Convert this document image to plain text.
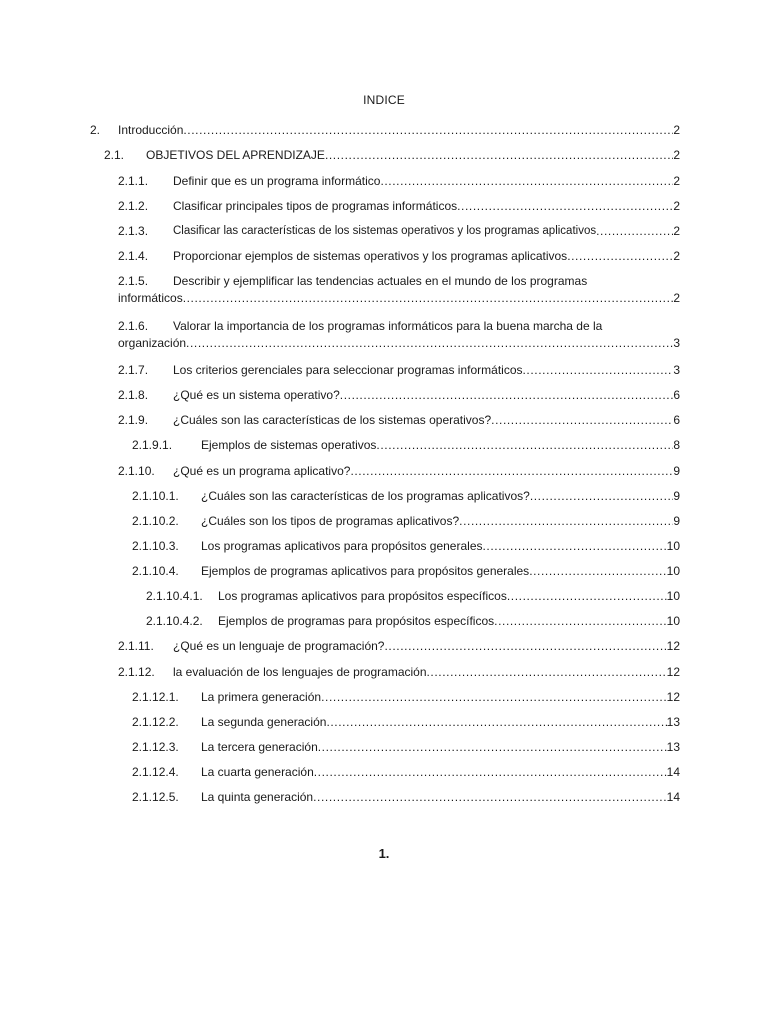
INDICE
2.	Introducción .....	2
2.1.	OBJETIVOS DEL APRENDIZAJE .....	2
2.1.1.	Definir que es un programa informático .....	2
2.1.2.	Clasificar principales tipos de programas informáticos .....	2
2.1.3.	Clasificar las características de los sistemas operativos y los programas aplicativos .....	2
2.1.4.	Proporcionar ejemplos de sistemas operativos y los programas aplicativos .....	2
2.1.5. Describir y ejemplificar las tendencias actuales en el mundo de los programas
informáticos .....	2
2.1.6. Valorar la importancia de los programas informáticos para la buena marcha de la
organización .....	3
2.1.7.	Los criterios gerenciales para seleccionar programas informáticos .....	3
2.1.8.	¿Qué es un sistema operativo? .....	6
2.1.9.	¿Cuáles son las características de los sistemas operativos? .....	6
2.1.9.1.	Ejemplos de sistemas operativos .....	8
2.1.10.	¿Qué es un programa aplicativo? .....	9
2.1.10.1.	¿Cuáles son las características de los programas aplicativos? .....	9
2.1.10.2.	¿Cuáles son los tipos de programas aplicativos? .....	9
2.1.10.3.	Los programas aplicativos para propósitos generales .....	10
2.1.10.4.	Ejemplos de programas aplicativos para propósitos generales .....	10
2.1.10.4.1.	Los programas aplicativos para propósitos específicos .....	10
2.1.10.4.2.	Ejemplos de programas para propósitos específicos .....	10
2.1.11.	¿Qué es un lenguaje de programación? .....	12
2.1.12.	la evaluación de los lenguajes de programación .....	12
2.1.12.1.	La primera generación .....	12
2.1.12.2.	La segunda generación .....	13
2.1.12.3.	La tercera generación .....	13
2.1.12.4.	La cuarta generación .....	14
2.1.12.5.	La quinta generación .....	14
1.
